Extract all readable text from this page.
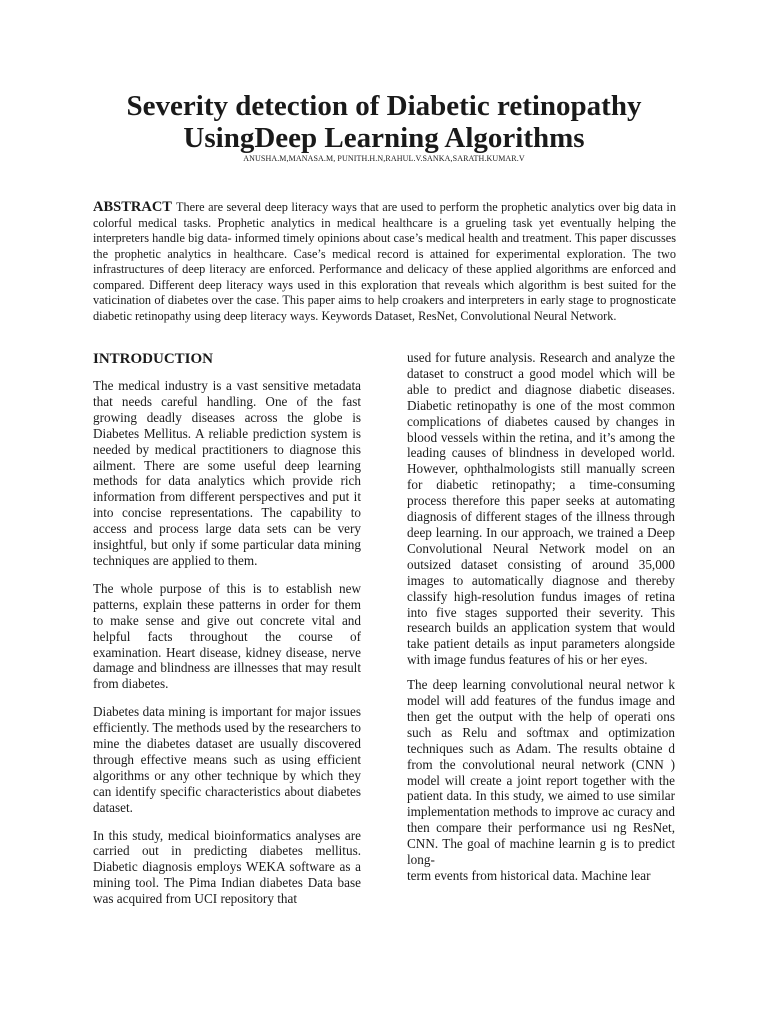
Severity detection of Diabetic retinopathy
UsingDeep Learning Algorithms
ANUSHA.M,MANASA.M, PUNITH.H.N,RAHUL.V.SANKA,SARATH.KUMAR.V
ABSTRACT There are several deep literacy ways that are used to perform the prophetic analytics over big data in colorful medical tasks. Prophetic analytics in medical healthcare is a grueling task yet eventually helping the interpreters handle big data- informed timely opinions about case’s medical health and treatment. This paper discusses the prophetic analytics in healthcare. Case’s medical record is attained for experimental exploration. The two infrastructures of deep literacy are enforced. Performance and delicacy of these applied algorithms are enforced and compared. Different deep literacy ways used in this exploration that reveals which algorithm is best suited for the vaticination of diabetes over the case. This paper aims to help croakers and interpreters in early stage to prognosticate diabetic retinopathy using deep literacy ways. Keywords Dataset, ResNet, Convolutional Neural Network.
INTRODUCTION

The medical industry is a vast sensitive metadata that needs careful handling. One of the fast growing deadly diseases across the globe is Diabetes Mellitus. A reliable prediction system is needed by medical practitioners to diagnose this ailment. There are some useful deep learning methods for data analytics which provide rich information from different perspectives and put it into concise representations. The capability to access and process large data sets can be very insightful, but only if some particular data mining techniques are applied to them.

The whole purpose of this is to establish new patterns, explain these patterns in order for them to make sense and give out concrete vital and helpful facts throughout the course of examination. Heart disease, kidney disease, nerve damage and blindness are illnesses that may result from diabetes.

Diabetes data mining is important for major issues efficiently. The methods used by the researchers to mine the diabetes dataset are usually discovered through effective means such as using efficient algorithms or any other technique by which they can identify specific characteristics about diabetes dataset.

In this study, medical bioinformatics analyses are carried out in predicting diabetes mellitus. Diabetic diagnosis employs WEKA software as a mining tool. The Pima Indian diabetes Data base was acquired from UCI repository that

used for future analysis. Research and analyze the dataset to construct a good model which will be able to predict and diagnose diabetic diseases. Diabetic retinopathy is one of the most common complications of diabetes caused by changes in blood vessels within the retina, and it’s among the leading causes of blindness in developed world. However, ophthalmologists still manually screen for diabetic retinopathy; a time-consuming process therefore this paper seeks at automating diagnosis of different stages of the illness through deep learning. In our approach, we trained a Deep Convolutional Neural Network model on an outsized dataset consisting of around 35,000 images to automatically diagnose and thereby classify high-resolution fundus images of retina into five stages supported their severity. This research builds an application system that would take patient details as input parameters alongside with image fundus features of his or her eyes.

The deep learning convolutional neural networ k model will add features of the fundus image and then get the output with the help of operati ons such as Relu and softmax and optimization techniques such as Adam. The results obtaine d from the convolutional neural network (CNN ) model will create a joint report together with the patient data. In this study, we aimed to use similar implementation methods to improve ac curacy and then compare their performance usi ng ResNet, CNN. The goal of machine learnin g is to predict long-

term events from historical data. Machine lear
